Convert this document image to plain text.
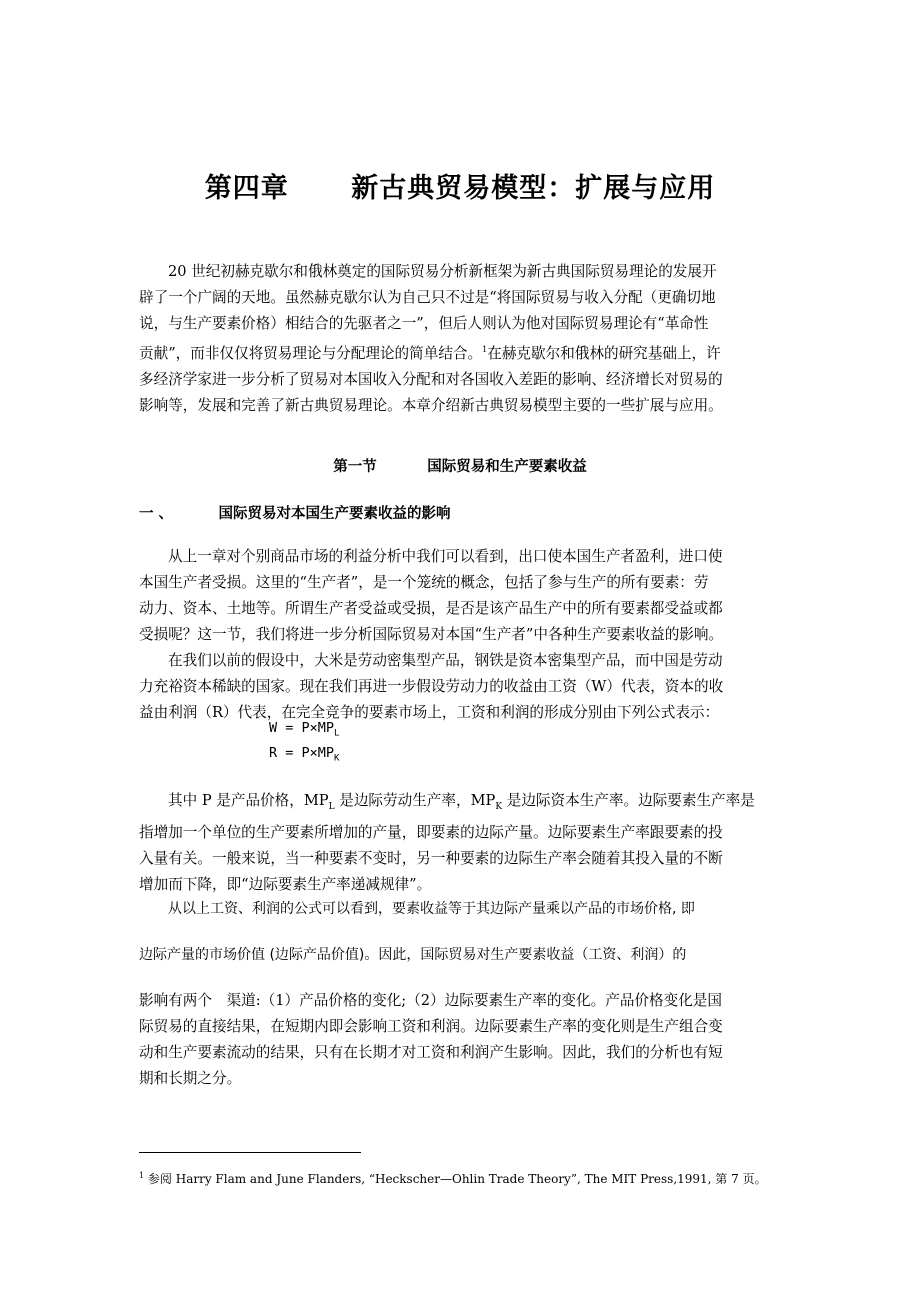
第四章 新古典贸易模型：扩展与应用
20 世纪初赫克歇尔和俄林奠定的国际贸易分析新框架为新古典国际贸易理论的发展开
辟了一个广阔的天地。虽然赫克歇尔认为自己只不过是“将国际贸易与收入分配（更确切地
说，与生产要素价格）相结合的先驱者之一”，但后人则认为他对国际贸易理论有“革命性
贡献”，而非仅仅将贸易理论与分配理论的简单结合。$^1$在赫克歇尔和俄林的研究基础上，许
多经济学家进一步分析了贸易对本国收入分配和对各国收入差距的影响、经济增长对贸易的
影响等，发展和完善了新古典贸易理论。本章介绍新古典贸易模型主要的一些扩展与应用。
第一节	国际贸易和生产要素收益
一 、	国际贸易对本国生产要素收益的影响
从上一章对个别商品市场的利益分析中我们可以看到，出口使本国生产者盈利，进口使
本国生产者受损。这里的“生产者”，是一个笼统的概念，包括了参与生产的所有要素：劳
动力、资本、土地等。所谓生产者受益或受损，是否是该产品生产中的所有要素都受益或都
受损呢？这一节，我们将进一步分析国际贸易对本国“生产者”中各种生产要素收益的影响。
在我们以前的假设中，大米是劳动密集型产品，钢铁是资本密集型产品，而中国是劳动
力充裕资本稀缺的国家。现在我们再进一步假设劳动力的收益由工资（W）代表，资本的收
益由利润（R）代表，在完全竞争的要素市场上，工资和利润的形成分别由下列公式表示：
$W = P\times MP_L$
$R = P\times MP_K$
其中 P 是产品价格，$MP_L$ 是边际劳动生产率，$MP_K$ 是边际资本生产率。边际要素生产率是
指增加一个单位的生产要素所增加的产量，即要素的边际产量。边际要素生产率跟要素的投
入量有关。一般来说，当一种要素不变时，另一种要素的边际生产率会随着其投入量的不断
增加而下降，即“边际要素生产率递减规律”。
从以上工资、利润的公式可以看到，要素收益等于其边际产量乘以产品的市场价格, 即
边际产量的市场价值 (边际产品价值)。因此，国际贸易对生产要素收益（工资、利润）的
影响有两个　渠道:（1）产品价格的变化;（2）边际要素生产率的变化。产品价格变化是国
际贸易的直接结果，在短期内即会影响工资和利润。边际要素生产率的变化则是生产组合变
动和生产要素流动的结果，只有在长期才对工资和利润产生影响。因此，我们的分析也有短
期和长期之分。
$^1$ 参阅 Harry Flam and June Flanders, “Heckscher—Ohlin Trade Theory”, The MIT Press,1991, 第 7 页。
